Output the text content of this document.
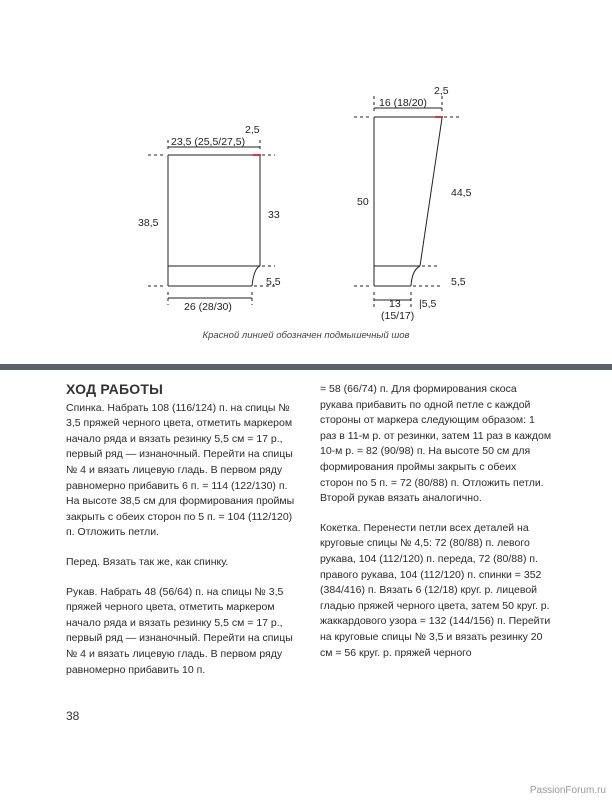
23,5 (25,5/27,5)
2,5
38,5
33
5,5
26 (28/30)
16 (18/20)
2,5
50
44,5
5,5
13
(15/17)
|5,5
Красной линией обозначен подмышечный шов
ХОД РАБОТЫ

Спинка. Набрать 108 (116/124) п. на спицы № 3,5 пряжей черного цвета, отметить маркером начало ряда и вязать резинку 5,5 см = 17 р., первый ряд — изнаночный. Перейти на спицы № 4 и вязать лицевую гладь. В первом ряду равномерно прибавить 6 п. = 114 (122/130) п. На высоте 38,5 см для формирования проймы закрыть с обеих сторон по 5 п. = 104 (112/120) п. Отложить петли.

Перед. Вязать так же, как спинку.

Рукав. Набрать 48 (56/64) п. на спицы № 3,5 пряжей черного цвета, отметить маркером начало ряда и вязать резинку 5,5 см = 17 р., первый ряд — изнаночный. Перейти на спицы № 4 и вязать лицевую гладь. В первом ряду равномерно прибавить 10 п.

= 58 (66/74) п. Для формирования скоса рукава прибавить по одной петле с каждой стороны от маркера следующим образом: 1 раз в 11-м р. от резинки, затем 11 раз в каждом 10-м р. = 82 (90/98) п. На высоте 50 см для формирования проймы закрыть с обеих сторон по 5 п. = 72 (80/88) п. Отложить петли. Второй рукав вязать аналогично.

Кокетка. Перенести петли всех деталей на круговые спицы № 4,5: 72 (80/88) п. левого рукава, 104 (112/120) п. переда, 72 (80/88) п. правого рукава, 104 (112/120) п. спинки = 352 (384/416) п. Вязать 6 (12/18) круг. р. лицевой гладью пряжей черного цвета, затем 50 круг. р. жаккардового узора = 132 (144/156) п. Перейти на круговые спицы № 3,5 и вязать резинку 20 см = 56 круг. р. пряжей черного

38
PassionForum.ru
